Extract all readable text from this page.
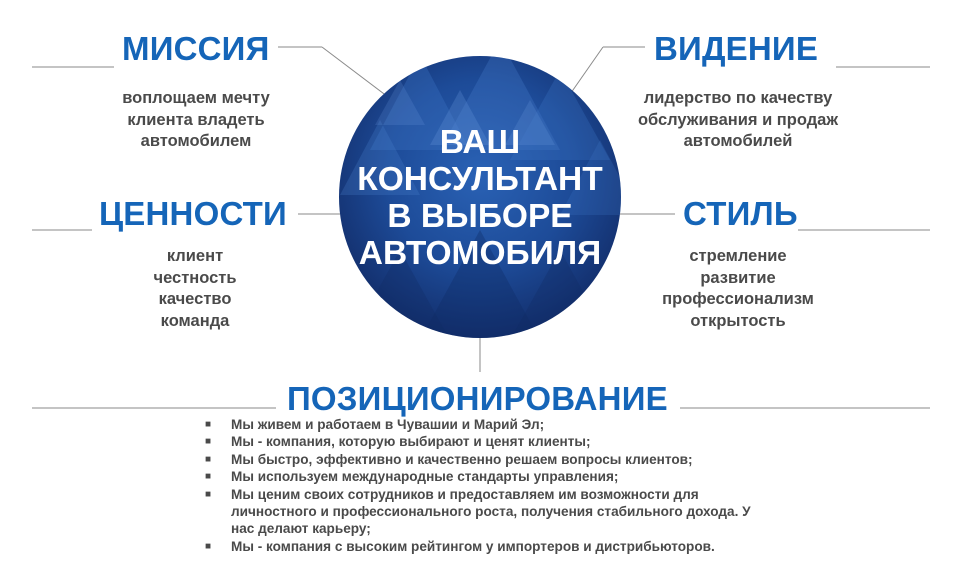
ВАШ
КОНСУЛЬТАНТ
В ВЫБОРЕ
АВТОМОБИЛЯ
МИССИЯ
воплощаем мечту
клиента владеть
автомобилем
ВИДЕНИЕ
лидерство по качеству
обслуживания и продаж
автомобилей
ЦЕННОСТИ
клиент
честность
качество
команда
СТИЛЬ
стремление
развитие
профессионализм
открытость
ПОЗИЦИОНИРОВАНИЕ
■ Мы живем и работаем в Чувашии и Марий Эл;
■ Мы - компания, которую выбирают и ценят клиенты;
■ Мы быстро, эффективно и качественно решаем вопросы клиентов;
■ Мы используем международные стандарты управления;
■ Мы ценим своих сотрудников и предоставляем им возможности для личностного и профессионального роста, получения стабильного дохода. У нас делают карьеру;
■ Мы - компания с высоким рейтингом у импортеров и дистрибьюторов.
